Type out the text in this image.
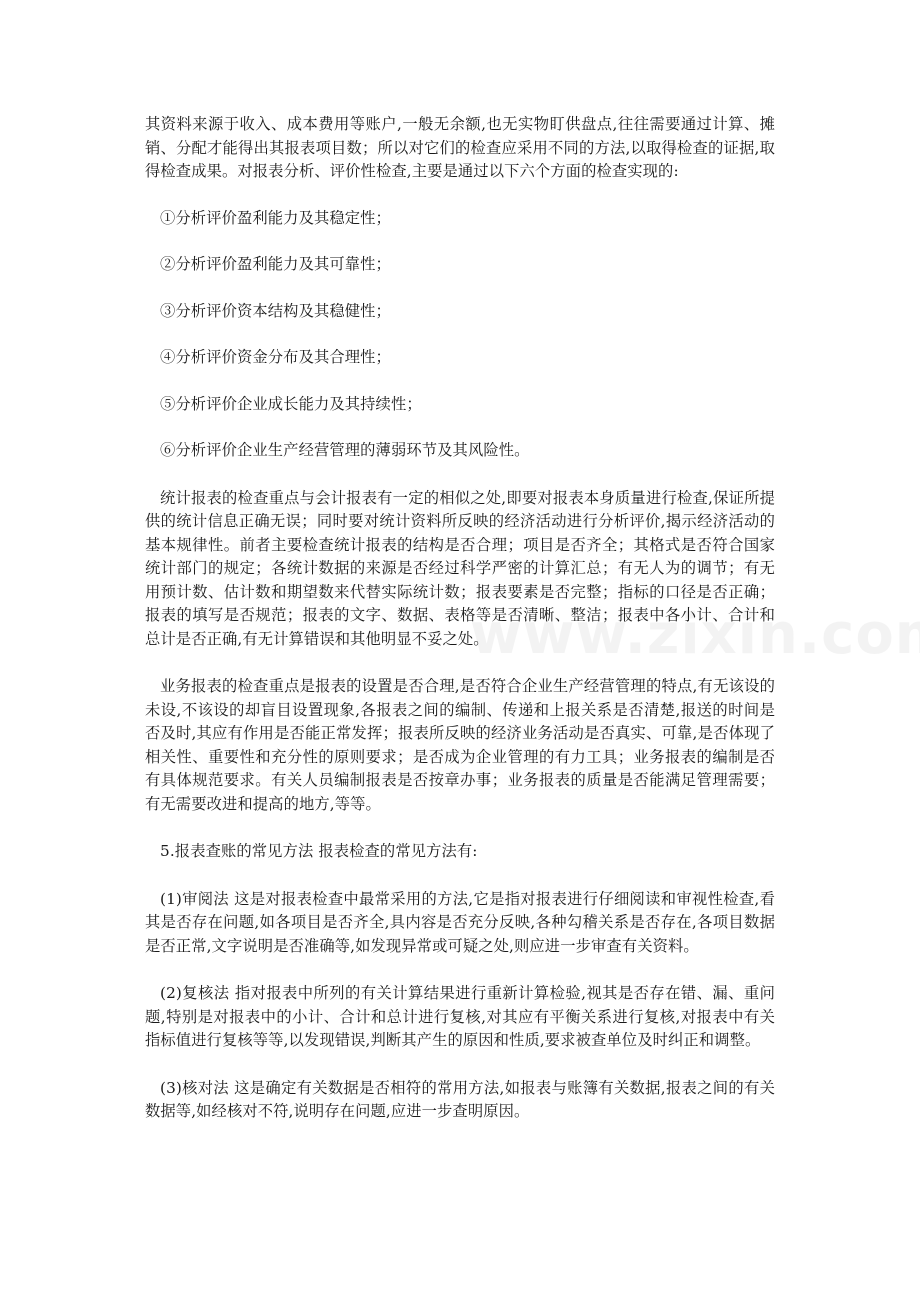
其资料来源于收入、成本费用等账户,一般无余额,也无实物盯供盘点,往往需要通过计算、摊销、分配才能得出其报表项目数；所以对它们的检查应采用不同的方法,以取得检查的证据,取得检查成果。对报表分析、评价性检查,主要是通过以下六个方面的检查实现的:

①分析评价盈利能力及其稳定性；

②分析评价盈利能力及其可靠性；

③分析评价资本结构及其稳健性；

④分析评价资金分布及其合理性；

⑤分析评价企业成长能力及其持续性；

⑥分析评价企业生产经营管理的薄弱环节及其风险性。

统计报表的检查重点与会计报表有一定的相似之处,即要对报表本身质量进行检查,保证所提供的统计信息正确无误；同时要对统计资料所反映的经济活动进行分析评价,揭示经济活动的基本规律性。前者主要检查统计报表的结构是否合理；项目是否齐全；其格式是否符合国家统计部门的规定；各统计数据的来源是否经过科学严密的计算汇总；有无人为的调节；有无用预计数、估计数和期望数来代替实际统计数；报表要素是否完整；指标的口径是否正确；报表的填写是否规范；报表的文字、数据、表格等是否清晰、整洁；报表中各小计、合计和总计是否正确,有无计算错误和其他明显不妥之处。

业务报表的检查重点是报表的设置是否合理,是否符合企业生产经营管理的特点,有无该设的未设,不该设的却盲目设置现象,各报表之间的编制、传递和上报关系是否清楚,报送的时间是否及时,其应有作用是否能正常发挥；报表所反映的经济业务活动是否真实、可靠,是否体现了相关性、重要性和充分性的原则要求；是否成为企业管理的有力工具；业务报表的编制是否有具体规范要求。有关人员编制报表是否按章办事；业务报表的质量是否能满足管理需要；有无需要改进和提高的地方,等等。

5.报表查账的常见方法 报表检查的常见方法有:

(1)审阅法 这是对报表检查中最常采用的方法,它是指对报表进行仔细阅读和审视性检查,看其是否存在问题,如各项目是否齐全,具内容是否充分反映,各种勾稽关系是否存在,各项目数据是否正常,文字说明是否准确等,如发现异常或可疑之处,则应进一步审查有关资料。

(2)复核法 指对报表中所列的有关计算结果进行重新计算检验,视其是否存在错、漏、重问题,特别是对报表中的小计、合计和总计进行复核,对其应有平衡关系进行复核,对报表中有关指标值进行复核等等,以发现错误,判断其产生的原因和性质,要求被查单位及时纠正和调整。

(3)核对法 这是确定有关数据是否相符的常用方法,如报表与账簿有关数据,报表之间的有关数据等,如经核对不符,说明存在问题,应进一步查明原因。
